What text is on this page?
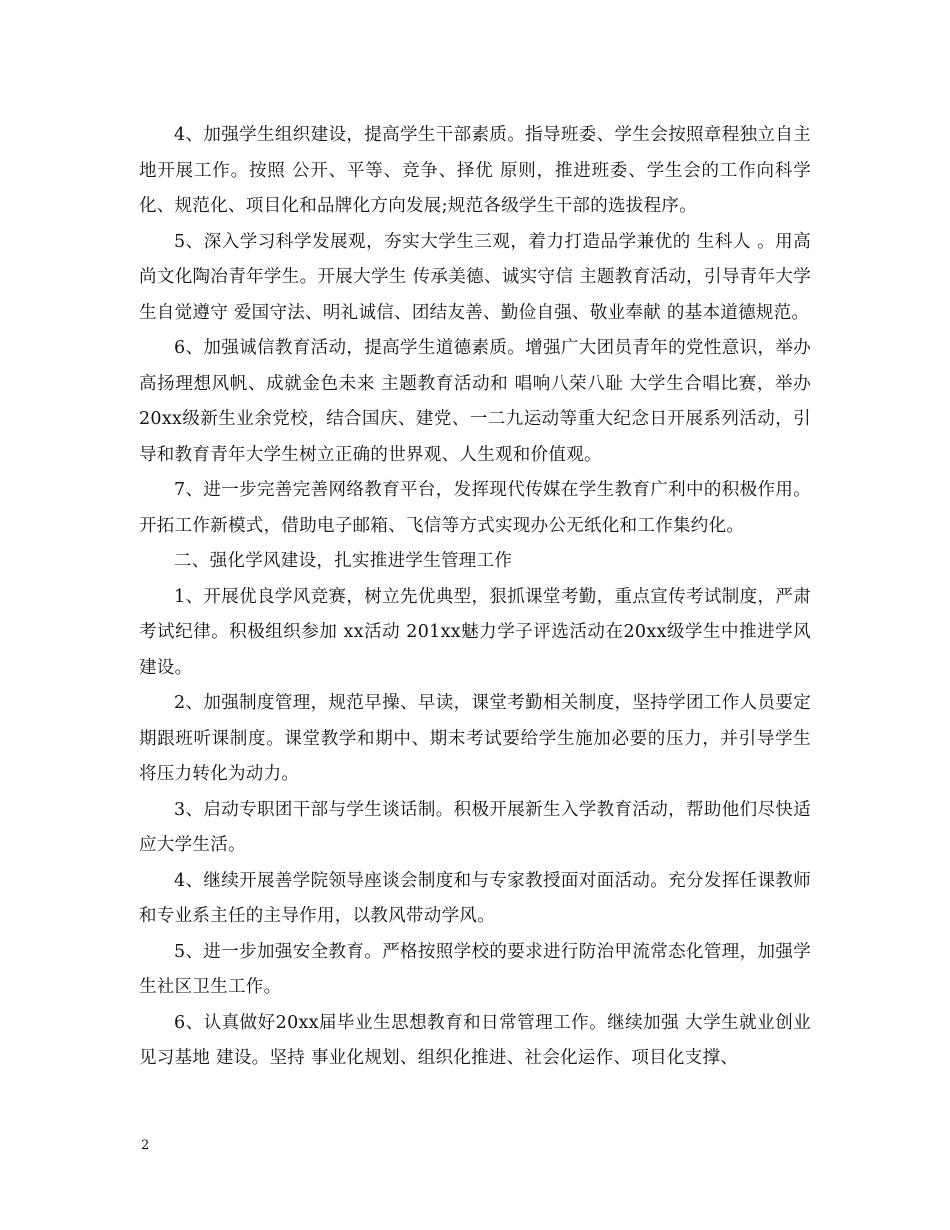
4、加强学生组织建设，提高学生干部素质。指导班委、学生会按照章程独立自主地开展工作。按照 公开、平等、竞争、择优 原则，推进班委、学生会的工作向科学化、规范化、项目化和品牌化方向发展;规范各级学生干部的选拔程序。

5、深入学习科学发展观，夯实大学生三观，着力打造品学兼优的 生科人 。用高尚文化陶冶青年学生。开展大学生 传承美德、诚实守信 主题教育活动，引导青年大学生自觉遵守 爱国守法、明礼诚信、团结友善、勤俭自强、敬业奉献 的基本道德规范。

6、加强诚信教育活动，提高学生道德素质。增强广大团员青年的党性意识，举办 高扬理想风帆、成就金色未来 主题教育活动和 唱响八荣八耻 大学生合唱比赛，举办20xx级新生业余党校，结合国庆、建党、一二九运动等重大纪念日开展系列活动，引导和教育青年大学生树立正确的世界观、人生观和价值观。

7、进一步完善完善网络教育平台，发挥现代传媒在学生教育广利中的积极作用。开拓工作新模式，借助电子邮箱、飞信等方式实现办公无纸化和工作集约化。

二、强化学风建设，扎实推进学生管理工作

1、开展优良学风竞赛，树立先优典型，狠抓课堂考勤，重点宣传考试制度，严肃考试纪律。积极组织参加 xx活动 201xx魅力学子评选活动在20xx级学生中推进学风建设。

2、加强制度管理，规范早操、早读，课堂考勤相关制度，坚持学团工作人员要定期跟班听课制度。课堂教学和期中、期末考试要给学生施加必要的压力，并引导学生将压力转化为动力。

3、启动专职团干部与学生谈话制。积极开展新生入学教育活动，帮助他们尽快适应大学生活。

4、继续开展善学院领导座谈会制度和与专家教授面对面活动。充分发挥任课教师和专业系主任的主导作用，以教风带动学风。

5、进一步加强安全教育。严格按照学校的要求进行防治甲流常态化管理，加强学生社区卫生工作。

6、认真做好20xx届毕业生思想教育和日常管理工作。继续加强 大学生就业创业见习基地 建设。坚持 事业化规划、组织化推进、社会化运作、项目化支撑、

2
